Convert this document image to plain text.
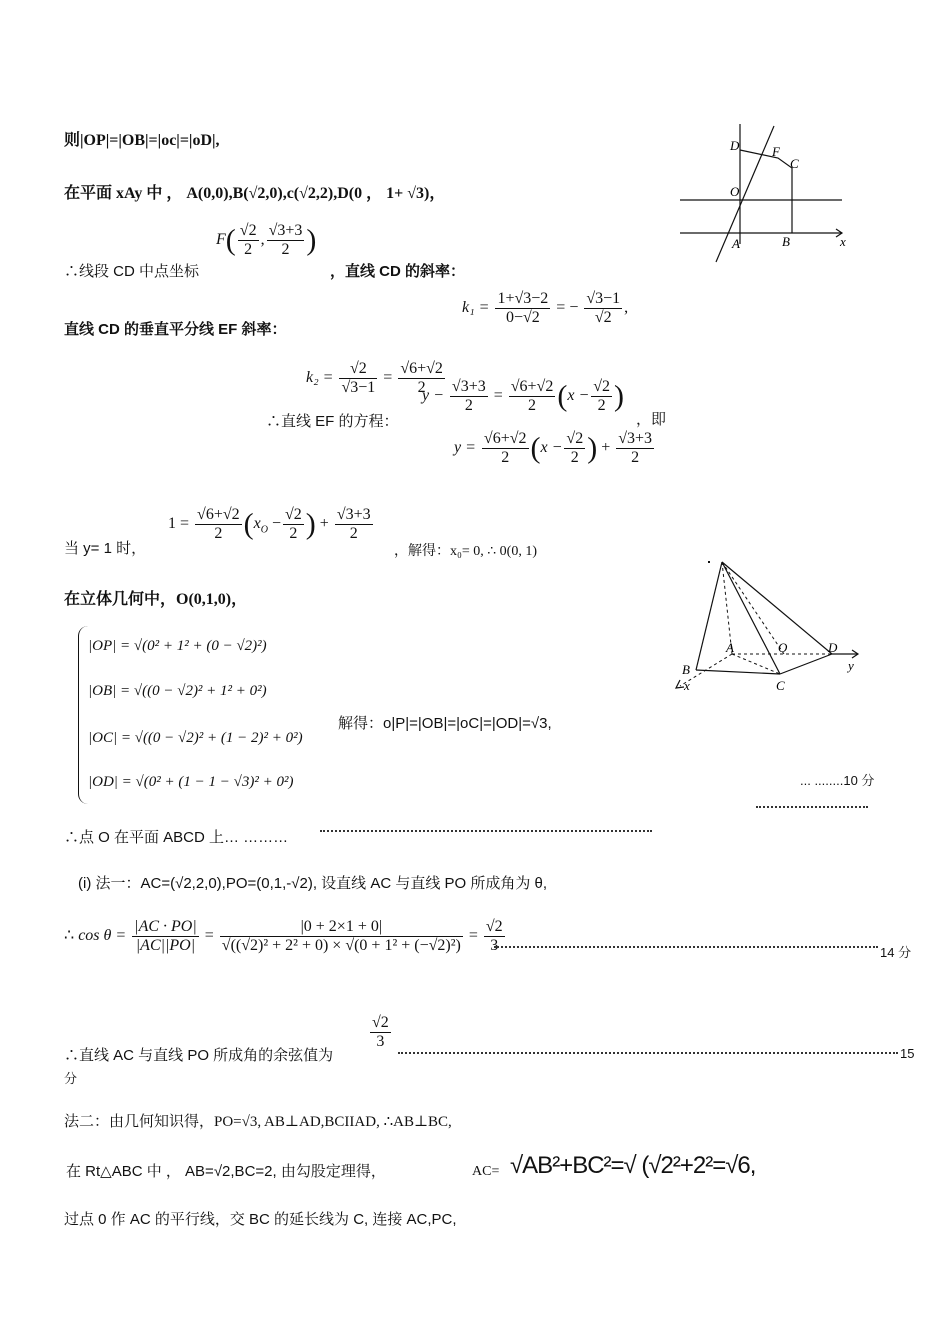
则|OP|=|OB|=|oc|=|oD|,
在平面 xAy 中 ， A(0,0),B(√2,0),c(√2,2),D(0 ， 1+ √3)，
∴线段 CD 中点坐标
$F( \frac{√2}{2}$ , $\frac{√3+3}{2}$ )
，直线 CD 的斜率：
$k_1 = \frac{1+√3-2}{0-√2}$ = − $\frac{√3-1}{√2}$ ,
直线 CD 的垂直平分线 EF 斜率：
$k_2 = \frac{√2}{√3-1} = \frac{√6+√2}{2}$
∴直线 EF 的方程：
$y - \frac{√3+3}{2} = \frac{√6+√2}{2} (x - \frac{√2}{2}$ )
，即
$y = \frac{√6+√2}{2} (x - \frac{√2}{2}$ ) + $\frac{√3+3}{2}$
当 y= 1 时，
$1 = \frac{√6+√2}{2} (x_O - \frac{√2}{2}$ ) + $\frac{√3+3}{2}$
，解得：x₀= 0, ∴ 0(0, 1)
在立体几何中，O(0,1,0)，
|OP| = √(0² + 1² + (0 − √2)²)
|OB| = √((0 − √2)² + 1² + 0²)
|OC| = √((0 − √2)² + (1 − 2)² + 0²)
|OD| = √(0² + (1 − 1 − √3)² + 0²)
解得：o|P|=|OB|=|oC|=|OD|=√3,
... ........10 分
∴点 O 在平面 ABCD 上… ………
(i) 法一：AC=(√2,2,0),PO=(0,1,-√2), 设直线 AC 与直线 PO 所成角为 θ,
∴ $\cos \theta = \frac{|AC \cdot PO|}{|AC||PO|} = \frac{|0 + 2\times 1 + 0|}{\text{√((√2)² + 2² + 0) × √(0 + 1² + (−√2)²)}} = \frac{√2}{3}$	14 分
∴直线 AC 与直线 PO 所成角的余弦值为
$\frac{√2}{3}$
15
分
法二：由几何知识得，PO=√3, AB⊥AD,BCIIAD, ∴AB⊥BC,
在 Rt△ABC 中 ， AB=√2,BC=2, 由勾股定理得，	AC= √AB²+BC²=√ (√2²+2²=√6,
过点 0 作 AC 的平行线，交 BC 的延长线为 C, 连接 AC,PC,
D	F
C
O
A	B	x
A	O	D
B
C
x
y
